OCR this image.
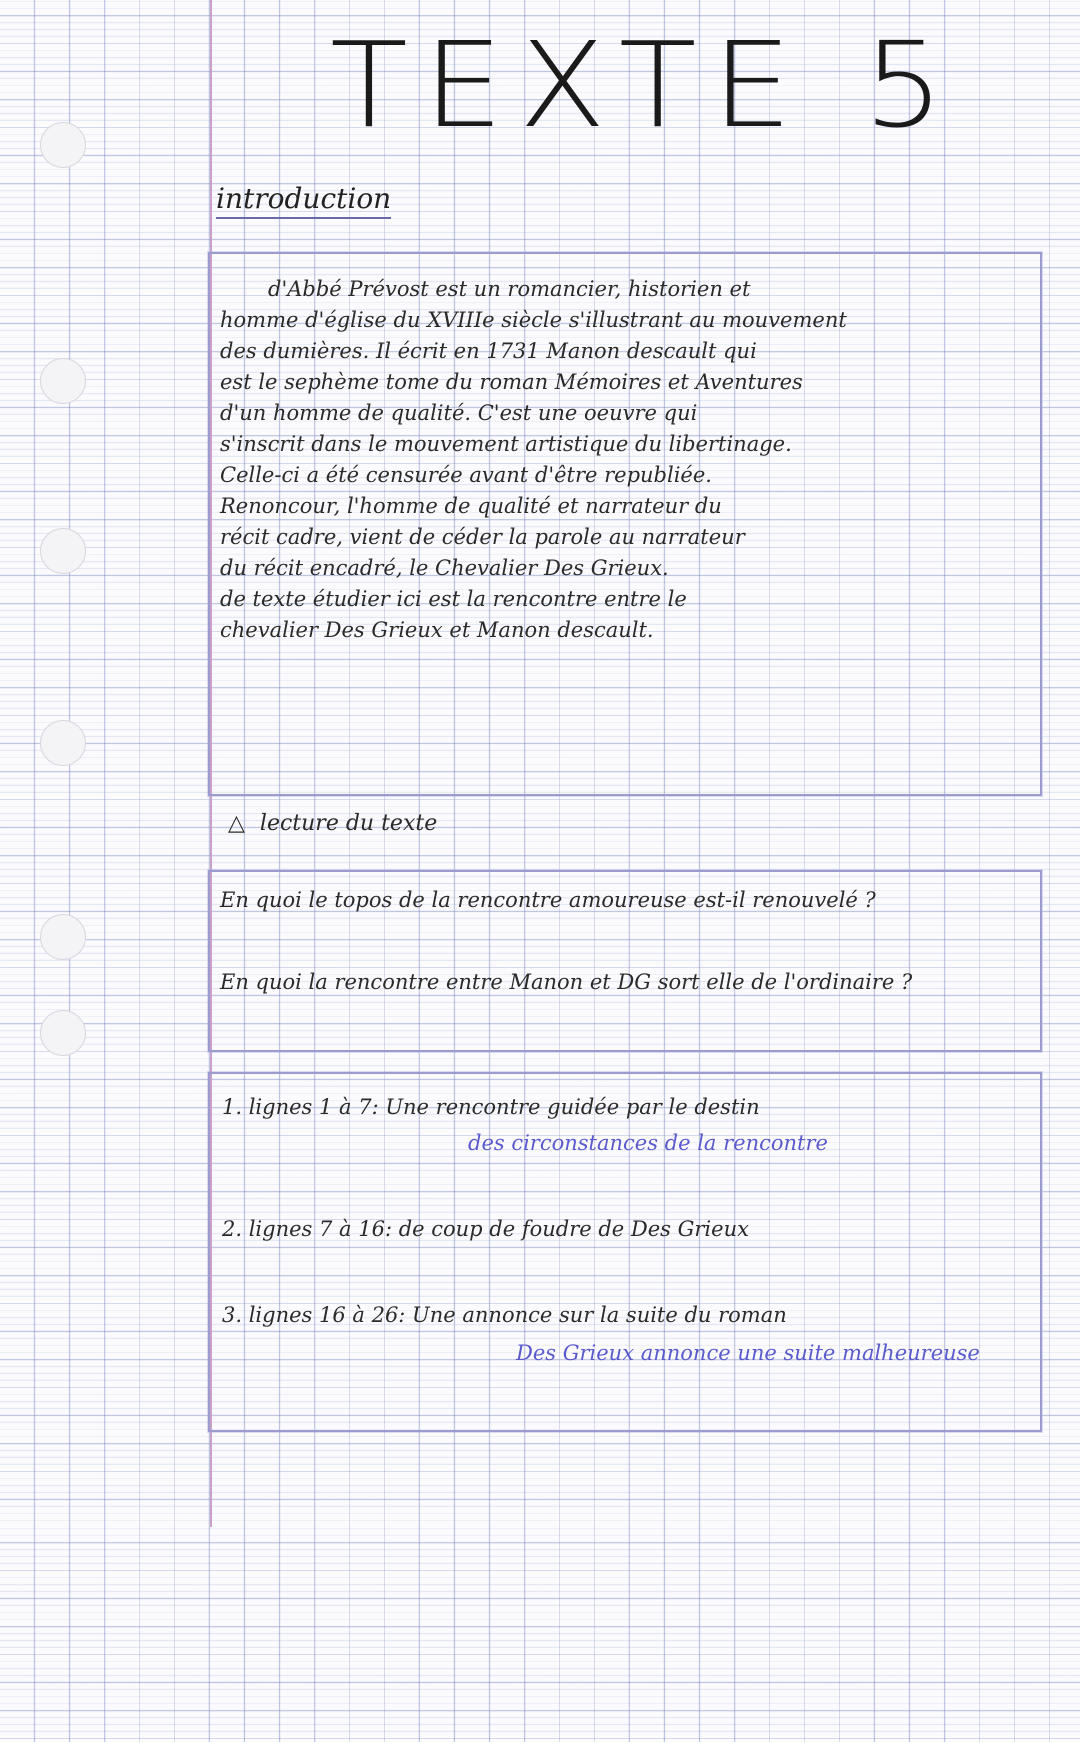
TEXTE 5
introduction

d'Abbé Prévost est un romancier, historien et

homme d'église du XVIIIe siècle s'illustrant au mouvement

des dumières. Il écrit en 1731 Manon descault qui

est le sephème tome du roman Mémoires et Aventures

d'un homme de qualité. C'est une oeuvre qui

s'inscrit dans le mouvement artistique du libertinage.

Celle-ci a été censurée avant d'être republiée.

Renoncour, l'homme de qualité et narrateur du

récit cadre, vient de céder la parole au narrateur

du récit encadré, le Chevalier Des Grieux.

de texte étudier ici est la rencontre entre le

chevalier Des Grieux et Manon descault.

△ lecture du texte
En quoi le topos de la rencontre amoureuse est-il renouvelé ?
En quoi la rencontre entre Manon et DG sort elle de l'ordinaire ?
1. lignes 1 à 7: Une rencontre guidée par le destin
des circonstances de la rencontre
2. lignes 7 à 16: de coup de foudre de Des Grieux
3. lignes 16 à 26: Une annonce sur la suite du roman
Des Grieux annonce une suite malheureuse
